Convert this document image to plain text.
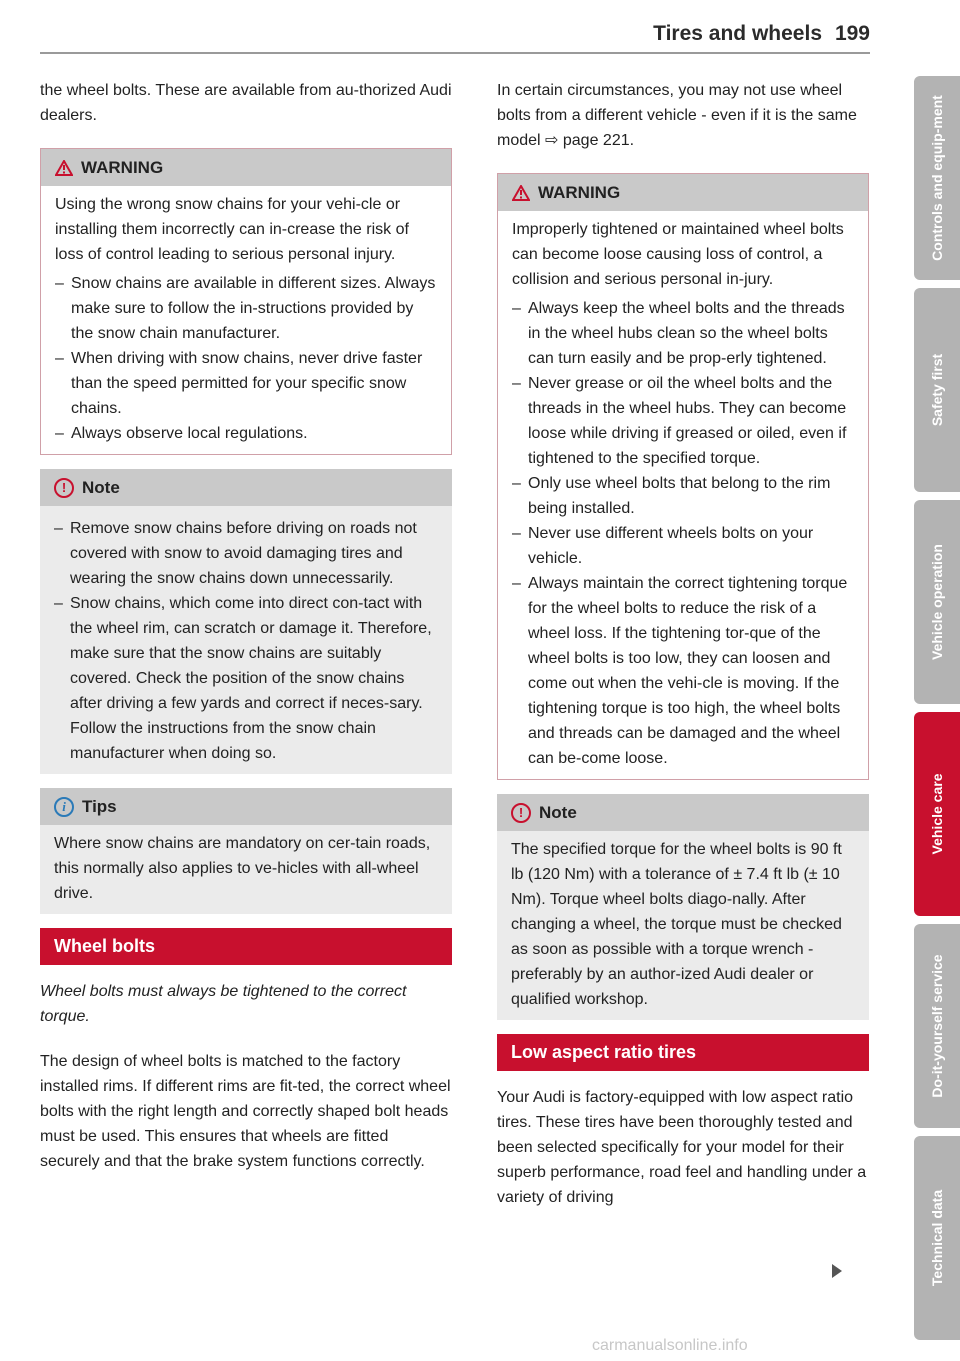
Tires and wheels 199

the wheel bolts. These are available from au-thorized Audi dealers.

WARNING

Using the wrong snow chains for your vehi-cle or installing them incorrectly can in-crease the risk of loss of control leading to serious personal injury.

– Snow chains are available in different sizes. Always make sure to follow the in-structions provided by the snow chain manufacturer.
– When driving with snow chains, never drive faster than the speed permitted for your specific snow chains.
– Always observe local regulations.
! Note
– Remove snow chains before driving on roads not covered with snow to avoid damaging tires and wearing the snow chains down unnecessarily.
– Snow chains, which come into direct con-tact with the wheel rim, can scratch or damage it. Therefore, make sure that the snow chains are suitably covered. Check the position of the snow chains after driving a few yards and correct if neces-sary. Follow the instructions from the snow chain manufacturer when doing so.
i Tips

Where snow chains are mandatory on cer-tain roads, this normally also applies to ve-hicles with all-wheel drive.

Wheel bolts

Wheel bolts must always be tightened to the correct torque.

The design of wheel bolts is matched to the factory installed rims. If different rims are fit-ted, the correct wheel bolts with the right length and correctly shaped bolt heads must be used. This ensures that wheels are fitted securely and that the brake system functions correctly.

In certain circumstances, you may not use wheel bolts from a different vehicle - even if it is the same model ⇨ page 221.

WARNING

Improperly tightened or maintained wheel bolts can become loose causing loss of control, a collision and serious personal in-jury.

– Always keep the wheel bolts and the threads in the wheel hubs clean so the wheel bolts can turn easily and be prop-erly tightened.
– Never grease or oil the wheel bolts and the threads in the wheel hubs. They can become loose while driving if greased or oiled, even if tightened to the specified torque.
– Only use wheel bolts that belong to the rim being installed.
– Never use different wheels bolts on your vehicle.
– Always maintain the correct tightening torque for the wheel bolts to reduce the risk of a wheel loss. If the tightening tor-que of the wheel bolts is too low, they can loosen and come out when the vehi-cle is moving. If the tightening torque is too high, the wheel bolts and threads can be damaged and the wheel can be-come loose.
! Note

The specified torque for the wheel bolts is 90 ft lb (120 Nm) with a tolerance of ± 7.4 ft lb (± 10 Nm). Torque wheel bolts diago-nally. After changing a wheel, the torque must be checked as soon as possible with a torque wrench - preferably by an author-ized Audi dealer or qualified workshop.

Low aspect ratio tires

Your Audi is factory-equipped with low aspect ratio tires. These tires have been thoroughly tested and been selected specifically for your model for their superb performance, road feel and handling under a variety of driving

Controls and equip-ment
Safety first
Vehicle operation
Vehicle care
Do-it-yourself service
Technical data
carmanualsonline.info
